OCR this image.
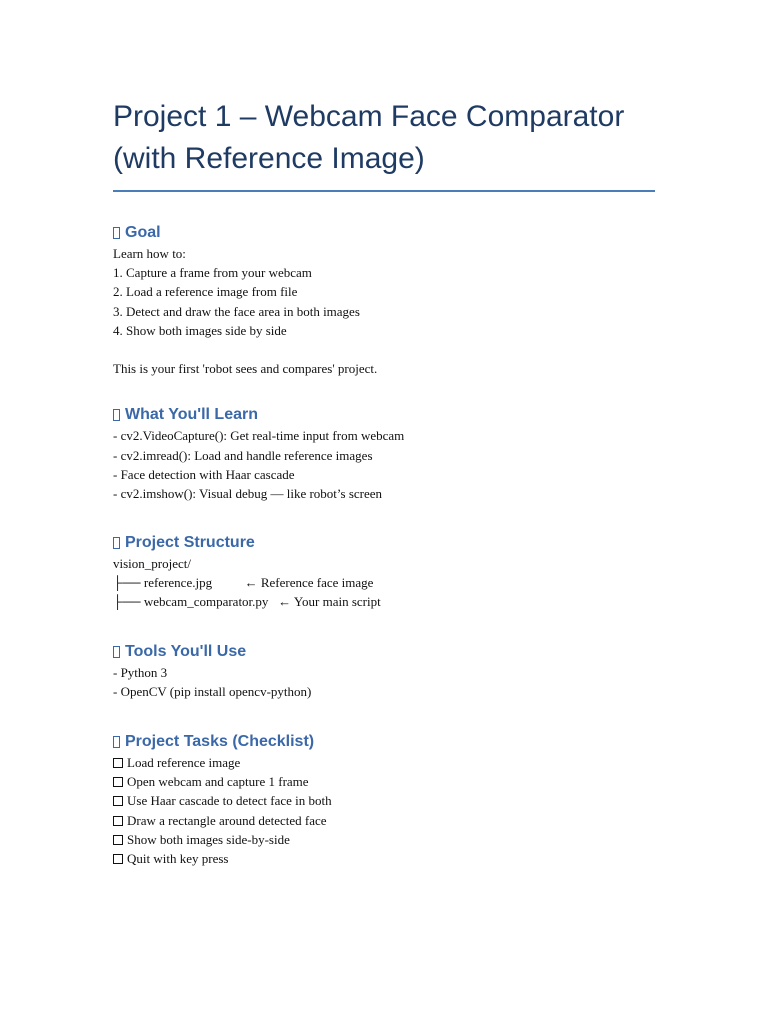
Project 1 – Webcam Face Comparator
(with Reference Image)
Goal
Learn how to:
1. Capture a frame from your webcam
2. Load a reference image from file
3. Detect and draw the face area in both images
4. Show both images side by side
This is your first 'robot sees and compares' project.
What You'll Learn
- cv2.VideoCapture(): Get real-time input from webcam
- cv2.imread(): Load and handle reference images
- Face detection with Haar cascade
- cv2.imshow(): Visual debug — like robot’s screen
Project Structure
vision_project/
├── reference.jpg          ← Reference face image
├── webcam_comparator.py   ← Your main script
Tools You'll Use
- Python 3
- OpenCV (pip install opencv-python)
Project Tasks (Checklist)
Load reference image
Open webcam and capture 1 frame
Use Haar cascade to detect face in both
Draw a rectangle around detected face
Show both images side-by-side
Quit with key press
